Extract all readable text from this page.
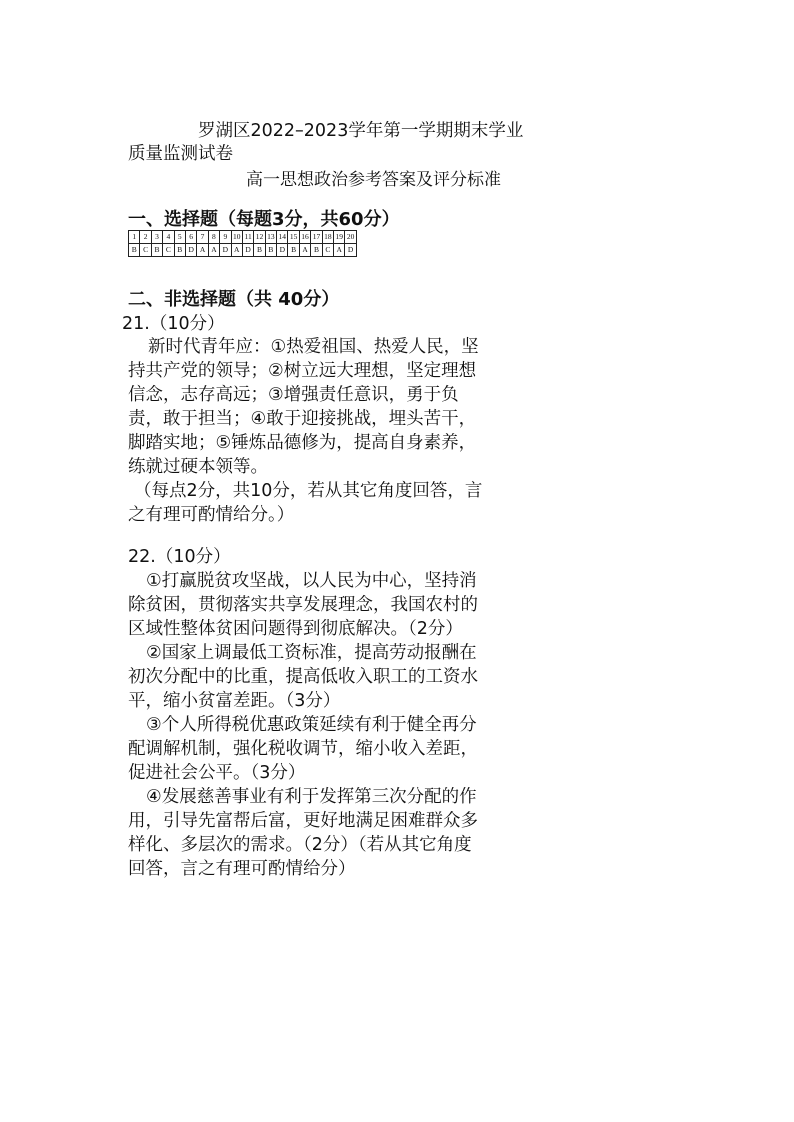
罗湖区2022–2023学年第一学期期末学业
质量监测试卷
高一思想政治参考答案及评分标准
一、选择题（每题3分，共60分）
1	2	3	4	5	6	7	8	9	10	11	12	13	14	15	16	17	18	19	20
B	C	B	C	B	D	A	A	D	A	D	B	B	D	B	A	B	C	A	D
二、非选择题（共 40分）
21.（10分）
新时代青年应：①热爱祖国、热爱人民，坚
持共产党的领导；②树立远大理想，坚定理想
信念，志存高远；③增强责任意识，勇于负
责，敢于担当；④敢于迎接挑战，埋头苦干，
脚踏实地；⑤锤炼品德修为，提高自身素养，
练就过硬本领等。
（每点2分，共10分，若从其它角度回答，言
之有理可酌情给分。）
22.（10分）
①打赢脱贫攻坚战，以人民为中心，坚持消
除贫困，贯彻落实共享发展理念，我国农村的
区域性整体贫困问题得到彻底解决。（2分）
②国家上调最低工资标准，提高劳动报酬在
初次分配中的比重，提高低收入职工的工资水
平，缩小贫富差距。（3分）
③个人所得税优惠政策延续有利于健全再分
配调解机制，强化税收调节，缩小收入差距，
促进社会公平。（3分）
④发展慈善事业有利于发挥第三次分配的作
用，引导先富帮后富，更好地满足困难群众多
样化、多层次的需求。（2分）（若从其它角度
回答，言之有理可酌情给分）
